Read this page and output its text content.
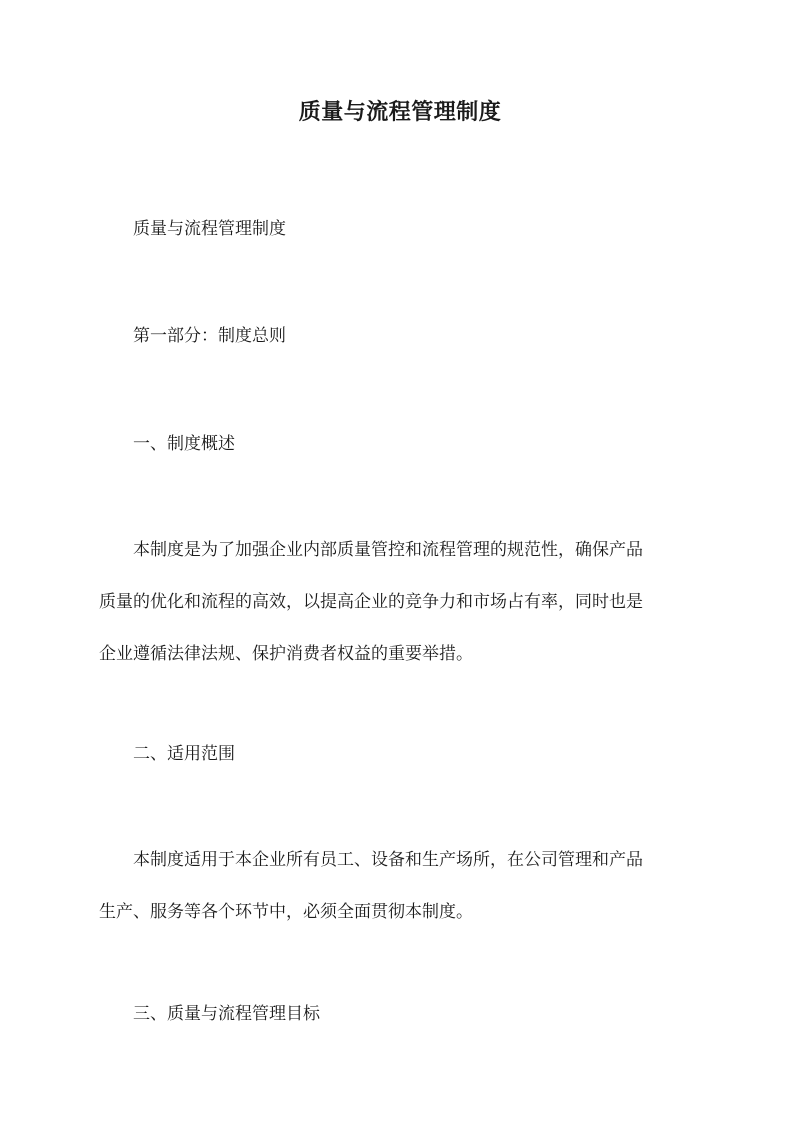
质量与流程管理制度
质量与流程管理制度
第一部分：制度总则
一、制度概述
本制度是为了加强企业内部质量管控和流程管理的规范性，确保产品
质量的优化和流程的高效，以提高企业的竞争力和市场占有率，同时也是
企业遵循法律法规、保护消费者权益的重要举措。
二、适用范围
本制度适用于本企业所有员工、设备和生产场所，在公司管理和产品
生产、服务等各个环节中，必须全面贯彻本制度。
三、质量与流程管理目标
